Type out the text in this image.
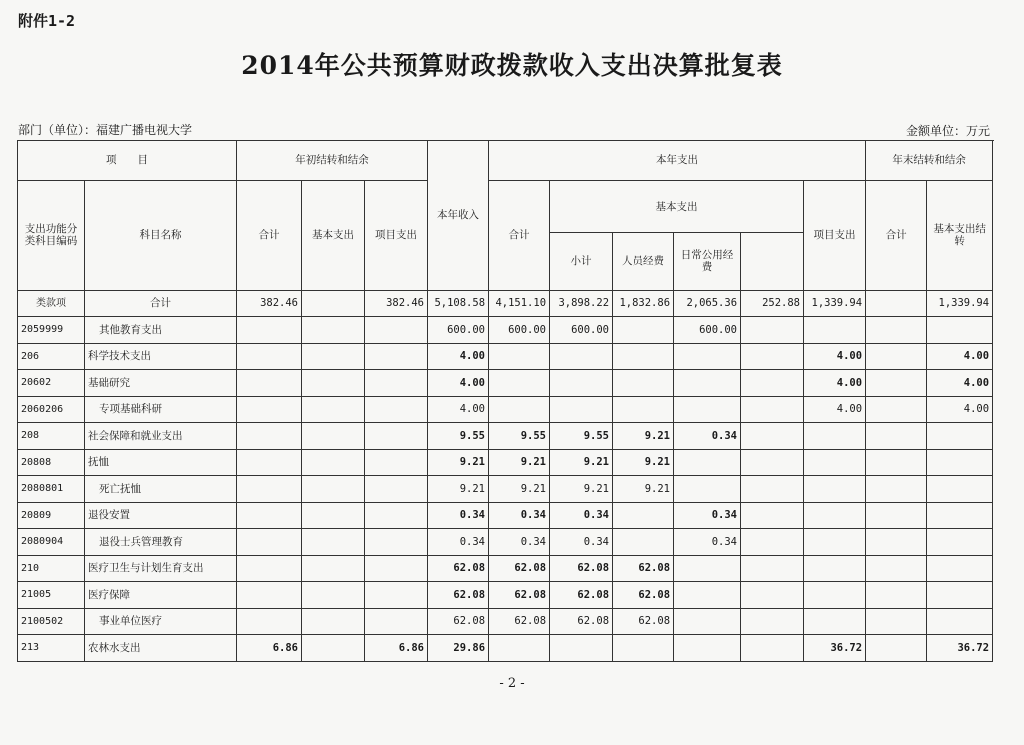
附件1-2
2014年公共预算财政拨款收入支出决算批复表
部门（单位）：福建广播电视大学	金额单位：万元
项　　目		年初结转和结余			本年收入	本年支出						年末结转和结余		
支出功能分类科目编码	科目名称	合计	基本支出	项目支出		合计	基本支出				项目支出	合计	基本支出结转	
							小计	人员经费	日常公用经费				
类款项	合计	382.46		382.46	5,108.58	4,151.10	3,898.22	1,832.86	2,065.36	252.88	1,339.94		1,339.94	
2059999	其他教育支出				600.00	600.00	600.00		600.00					
206	科学技术支出				4.00						4.00		4.00	
20602	基础研究				4.00						4.00		4.00	
2060206	专项基础科研				4.00						4.00		4.00	
208	社会保障和就业支出				9.55	9.55	9.55	9.21	0.34					
20808	抚恤				9.21	9.21	9.21	9.21						
2080801	死亡抚恤				9.21	9.21	9.21	9.21						
20809	退役安置				0.34	0.34	0.34		0.34					
2080904	退役士兵管理教育				0.34	0.34	0.34		0.34					
210	医疗卫生与计划生育支出				62.08	62.08	62.08	62.08						
21005	医疗保障				62.08	62.08	62.08	62.08						
2100502	事业单位医疗				62.08	62.08	62.08	62.08						
213	农林水支出	6.86		6.86	29.86						36.72		36.72	
- 2 -
